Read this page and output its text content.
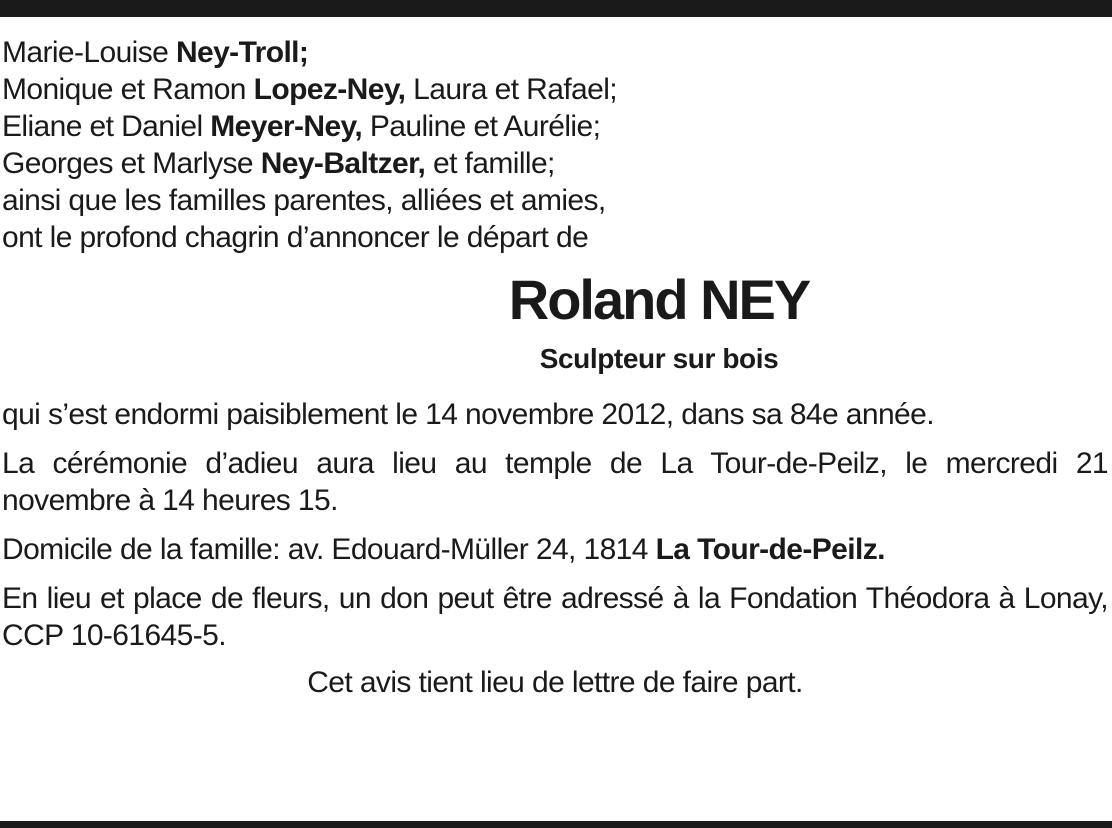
Marie-Louise Ney-Troll;
Monique et Ramon Lopez-Ney, Laura et Rafael;
Eliane et Daniel Meyer-Ney, Pauline et Aurélie;
Georges et Marlyse Ney-Baltzer, et famille;
ainsi que les familles parentes, alliées et amies,
ont le profond chagrin d’annoncer le départ de
Roland NEY
Sculpteur sur bois
qui s’est endormi paisiblement le 14 novembre 2012, dans sa 84e année.
La cérémonie d’adieu aura lieu au temple de La Tour-de-Peilz, le mercredi 21 novembre à 14 heures 15.
Domicile de la famille: av. Edouard-Müller 24, 1814 La Tour-de-Peilz.
En lieu et place de fleurs, un don peut être adressé à la Fondation Théodora à Lonay, CCP 10-61645-5.
Cet avis tient lieu de lettre de faire part.
